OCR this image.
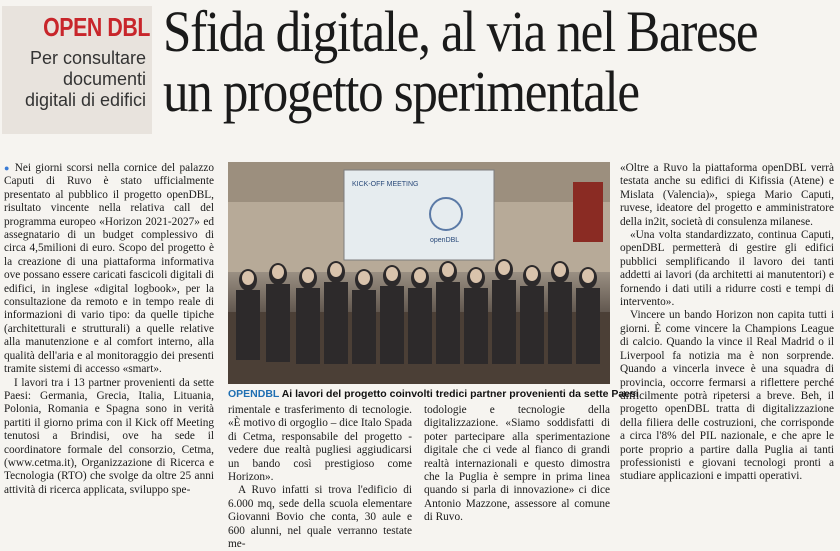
OPEN DBL
Per consultare
documenti
digitali di edifici
Sfida digitale, al via nel Barese
un progetto sperimentale

● Nei giorni scorsi nella cornice del palazzo Caputi di Ruvo è stato ufficialmente presentato al pubblico il progetto openDBL, risultato vincente nella relativa call del programma europeo «Horizon 2021-2027» ed assegnatario di un budget complessivo di circa 4,5milioni di euro. Scopo del progetto è la creazione di una piattaforma informativa ove possano essere caricati fascicoli digitali di edifici, in inglese «digital logbook», per la consultazione da remoto e in tempo reale di informazioni di vario tipo: da quelle tipiche (architetturali e strutturali) a quelle relative alla manutenzione e al comfort interno, alla qualità dell'aria e al monitoraggio dei presenti tramite sistemi di accesso «smart».

I lavori tra i 13 partner provenienti da sette Paesi: Germania, Grecia, Italia, Lituania, Polonia, Romania e Spagna sono in verità partiti il giorno prima con il Kick off Meeting tenutosi a Brindisi, ove ha sede il coordinatore formale del consorzio, Cetma, (www.cetma.it), Organizzazione di Ricerca e Tecnologia (RTO) che svolge da oltre 25 anni attività di ricerca applicata, sviluppo spe-

KICK-OFF MEETING
openDBL
OPENDBL Ai lavori del progetto coinvolti tredici partner provenienti da sette Paesi

rimentale e trasferimento di tecnologie. «È motivo di orgoglio – dice Italo Spada di Cetma, responsabile del progetto - vedere due realtà pugliesi aggiudicarsi un bando così prestigioso come Horizon».

A Ruvo infatti si trova l'edificio di 6.000 mq, sede della scuola elementare Giovanni Bovio che conta, 30 aule e 600 alunni, nel quale verranno testate me-

todologie e tecnologie della digitalizzazione. «Siamo soddisfatti di poter partecipare alla sperimentazione digitale che ci vede al fianco di grandi realtà internazionali e questo dimostra che la Puglia è sempre in prima linea quando si parla di innovazione» ci dice Antonio Mazzone, assessore al comune di Ruvo.

«Oltre a Ruvo la piattaforma openDBL verrà testata anche su edifici di Kifissia (Atene) e Mislata (Valencia)», spiega Mario Caputi, ruvese, ideatore del progetto e amministratore della in2it, società di consulenza milanese.

«Una volta standardizzato, continua Caputi, openDBL permetterà di gestire gli edifici pubblici semplificando il lavoro dei tanti addetti ai lavori (da architetti ai manutentori) e fornendo i dati utili a ridurre costi e tempi di intervento».

Vincere un bando Horizon non capita tutti i giorni. È come vincere la Champions League di calcio. Quando la vince il Real Madrid o il Liverpool fa notizia ma è non sorprende. Quando a vincerla invece è una squadra di provincia, occorre fermarsi a riflettere perché difficilmente potrà ripetersi a breve. Beh, il progetto openDBL tratta di digitalizzazione della filiera delle costruzioni, che corrisponde a circa l'8% del PIL nazionale, e che apre le porte proprio a partire dalla Puglia ai tanti professionisti e giovani tecnologi pronti a studiare applicazioni e impatti operativi.
